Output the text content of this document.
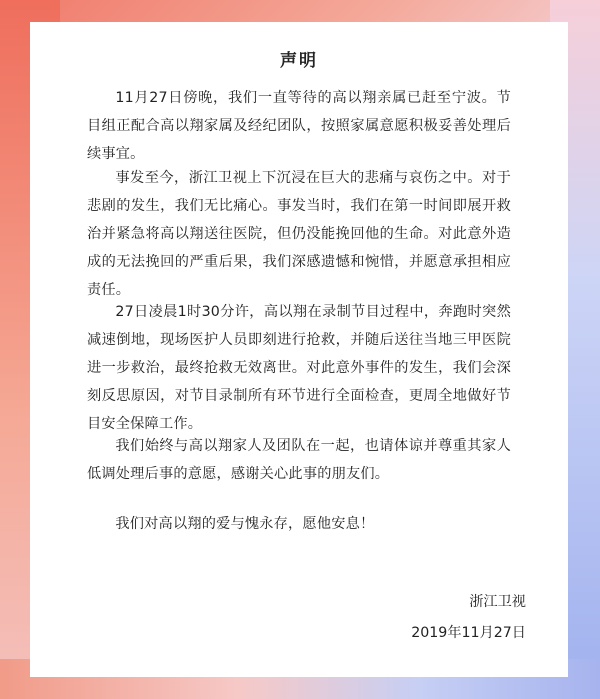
声明

11月27日傍晚，我们一直等待的高以翔亲属已赶至宁波。节目组正配合高以翔家属及经纪团队，按照家属意愿积极妥善处理后续事宜。

事发至今，浙江卫视上下沉浸在巨大的悲痛与哀伤之中。对于悲剧的发生，我们无比痛心。事发当时，我们在第一时间即展开救治并紧急将高以翔送往医院，但仍没能挽回他的生命。对此意外造成的无法挽回的严重后果，我们深感遗憾和惋惜，并愿意承担相应责任。

27日凌晨1时30分许，高以翔在录制节目过程中，奔跑时突然减速倒地，现场医护人员即刻进行抢救，并随后送往当地三甲医院进一步救治，最终抢救无效离世。对此意外事件的发生，我们会深刻反思原因，对节目录制所有环节进行全面检查，更周全地做好节目安全保障工作。

我们始终与高以翔家人及团队在一起，也请体谅并尊重其家人低调处理后事的意愿，感谢关心此事的朋友们。

我们对高以翔的爱与愧永存，愿他安息！

浙江卫视
2019年11月27日
